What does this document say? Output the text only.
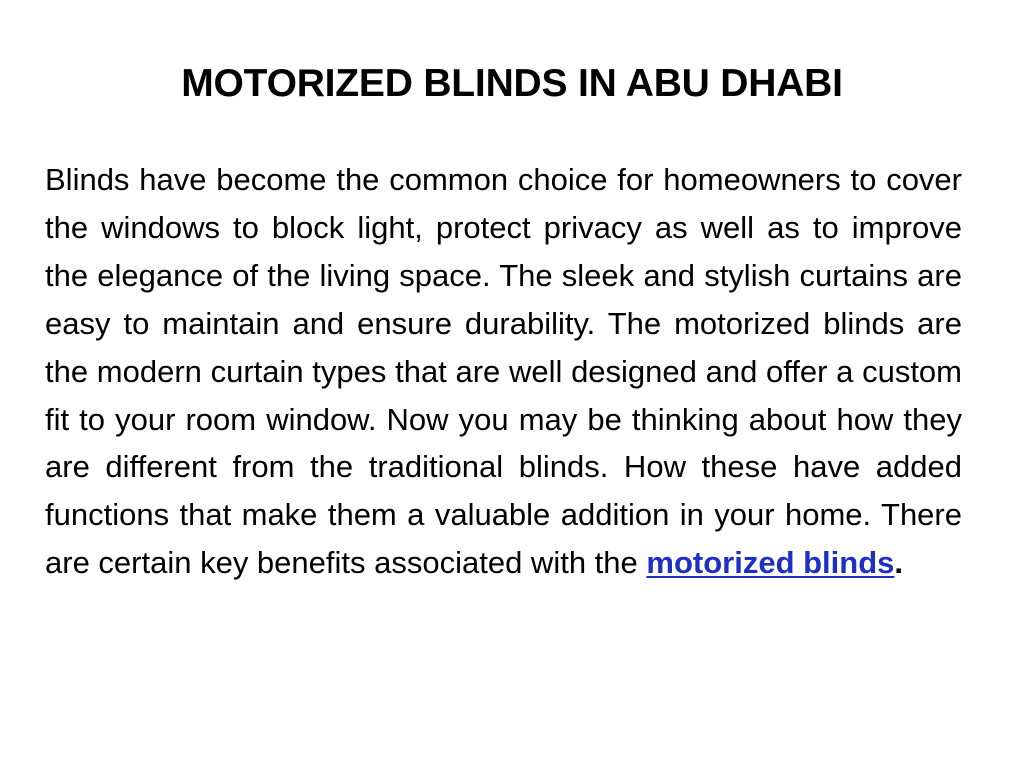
MOTORIZED BLINDS IN ABU DHABI

Blinds have become the common choice for homeowners to cover the windows to block light, protect privacy as well as to improve the elegance of the living space. The sleek and stylish curtains are easy to maintain and ensure durability. The motorized blinds are the modern curtain types that are well designed and offer a custom fit to your room window. Now you may be thinking about how they are different from the traditional blinds. How these have added functions that make them a valuable addition in your home. There are certain key benefits associated with the motorized blinds.
